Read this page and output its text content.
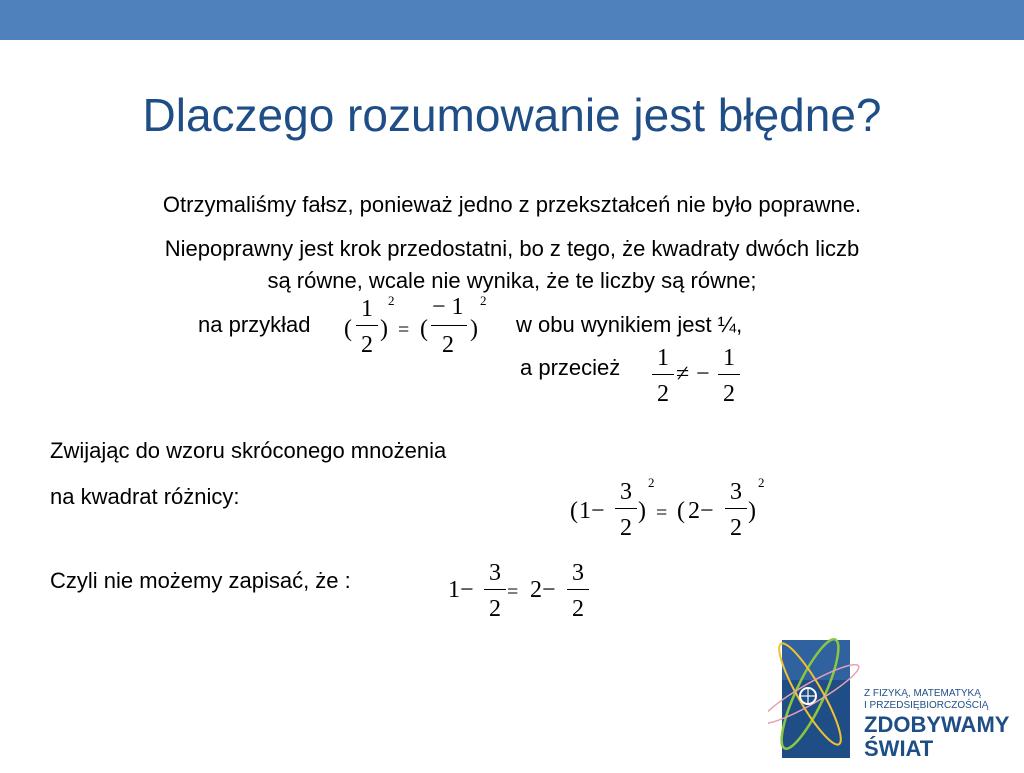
Dlaczego rozumowanie jest błędne?
Otrzymaliśmy fałsz, ponieważ jedno z przekształceń nie było poprawne.
Niepoprawny jest krok przedostatni, bo z tego, że kwadraty dwóch liczb
są równe, wcale nie wynika, że te liczby są równe;
na przykład (
1
2
)
2
= (
− 1
2
)
2
w obu wynikiem jest ¼,
a przecież 1
2
≠ −
1
2
Zwijając do wzoru skróconego mnożenia
na kwadrat różnicy:
( 1−
3
2
)
2
= ( 2−
3
2
)
2
Czyli nie możemy zapisać, że :	1−
3
2
= 2−
3
2
Z FIZYKĄ, MATEMATYKĄ
I PRZEDSIĘBIORCZOŚCIĄ
ZDOBYWAMY
ŚWIAT
